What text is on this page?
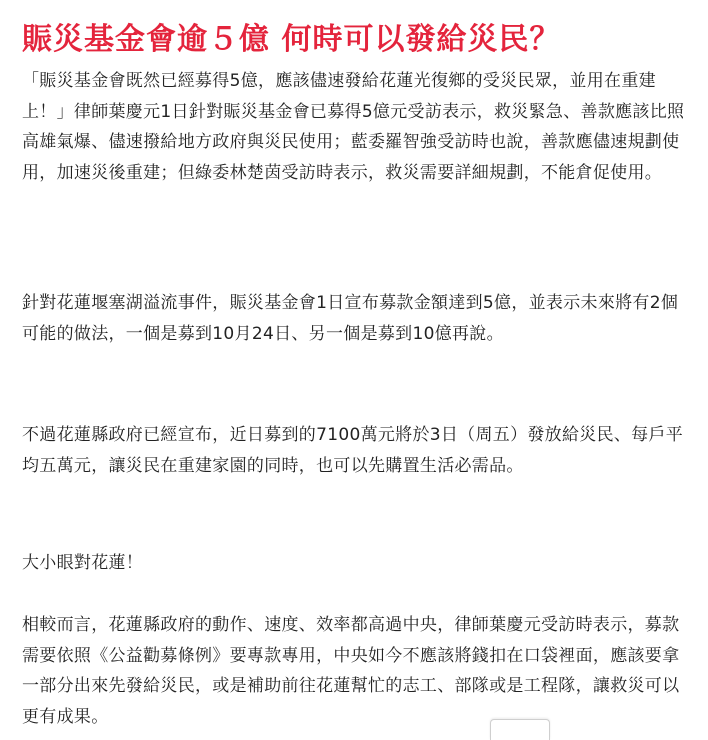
賑災基金會逾５億 何時可以發給災民？

「賑災基金會既然已經募得5億，應該儘速發給花蓮光復鄉的受災民眾，並用在重建上！」律師葉慶元1日針對賑災基金會已募得5億元受訪表示，救災緊急、善款應該比照高雄氣爆、儘速撥給地方政府與災民使用；藍委羅智強受訪時也說，善款應儘速規劃使用，加速災後重建；但綠委林楚茵受訪時表示，救災需要詳細規劃，不能倉促使用。

針對花蓮堰塞湖溢流事件，賑災基金會1日宣布募款金額達到5億，並表示未來將有2個可能的做法，一個是募到10月24日、另一個是募到10億再說。

不過花蓮縣政府已經宣布，近日募到的7100萬元將於3日（周五）發放給災民、每戶平均五萬元，讓災民在重建家園的同時，也可以先購置生活必需品。

大小眼對花蓮！

相較而言，花蓮縣政府的動作、速度、效率都高過中央，律師葉慶元受訪時表示，募款需要依照《公益勸募條例》要專款專用，中央如今不應該將錢扣在口袋裡面，應該要拿一部分出來先發給災民，或是補助前往花蓮幫忙的志工、部隊或是工程隊，讓救災可以更有成果。
